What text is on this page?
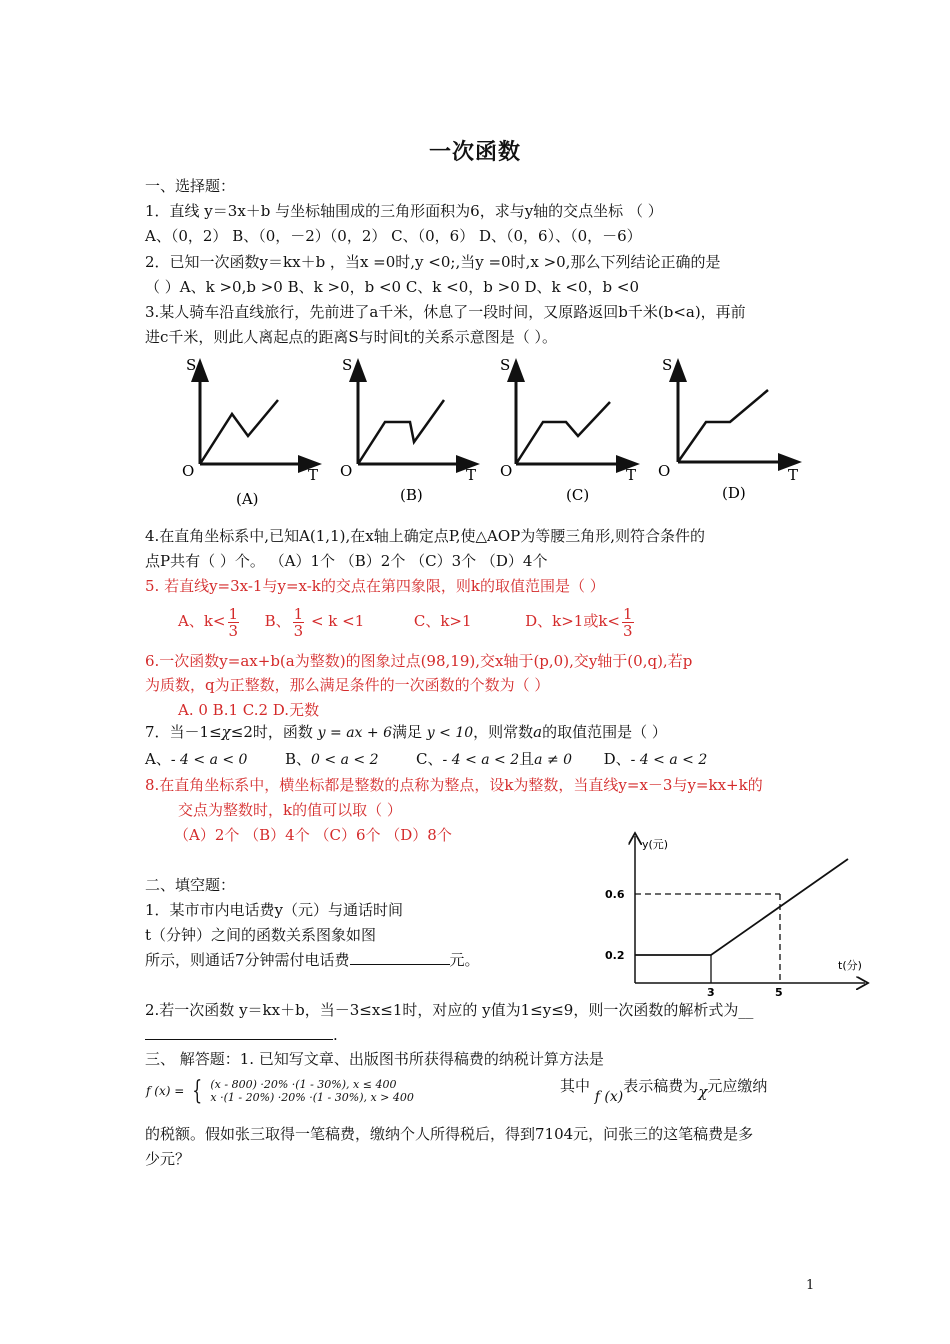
一次函数
一、选择题：
1．直线 y＝3x＋b 与坐标轴围成的三角形面积为6，求与y轴的交点坐标 （ ）
A、（0，2） B、（0，－2）（0，2） C、（0，6） D、（0，6）、（0，－6）
2．已知一次函数y＝kx＋b ，当x =0时,y <0;,当y =0时,x >0,那么下列结论正确的是
（ ）A、k >0,b >0 B、k >0，b <0 C、k <0，b >0 D、k <0，b <0
3.某人骑车沿直线旅行，先前进了a千米，休息了一段时间，又原路返回b千米(b<a)，再前
进c千米，则此人离起点的距离S与时间t的关系示意图是（ ）。
S
O	T
(A)
S
O	T
(B)
S
O	T
(C)
S
O	T
(D)
4.在直角坐标系中,已知A(1,1),在x轴上确定点P,使△AOP为等腰三角形,则符合条件的
点P共有（ ）个。 （A）1个 （B）2个 （C）3个 （D）4个
5. 若直线y=3x-1与y=x-k的交点在第四象限，则k的取值范围是（ ）
A、$k< \frac{1}{3}$ B、 $\frac{1}{3} < k <1$	C、k>1	D、k>1或$k< \frac{1}{3}$
6.一次函数y=ax+b(a为整数)的图象过点(98,19),交x轴于(p,0),交y轴于(0,q),若p
为质数，q为正整数，那么满足条件的一次函数的个数为（ ）
A. 0 B.1 C.2 D.无数
7．当－1≤χ≤2时，函数 y = ax + 6满足 y < 10，则常数a的取值范围是（ ）
A、- 4 < a < 0	B、0 < a < 2	C、- 4 < a < 2且a ≠ 0 D、- 4 < a < 2
8.在直角坐标系中，横坐标都是整数的点称为整点，设k为整数，当直线y=x－3与y=kx+k的
交点为整数时，k的值可以取（ ）
（A）2个 （B）4个 （C）6个 （D）8个
二、填空题：
1．某市市内电话费y（元）与通话时间
t（分钟）之间的函数关系图象如图
所示，则通话7分钟需付电话费	元。
y(元)
t(分)
0.6
0.2
3	5
2.若一次函数 y＝kx＋b，当－3≤x≤1时，对应的 y值为1≤y≤9，则一次函数的解析式为__
.
三、 解答题：1. 已知写文章、出版图书所获得稿费的纳税计算方法是
f (x) = { (x - 800) ·20% ·(1 - 30%), x ≤ 400
x ·(1 - 20%) ·20% ·(1 - 30%), x > 400
其中 f (x)表示稿费为χ元应缴纳
的税额。假如张三取得一笔稿费，缴纳个人所得税后，得到7104元，问张三的这笔稿费是多
少元？
1
